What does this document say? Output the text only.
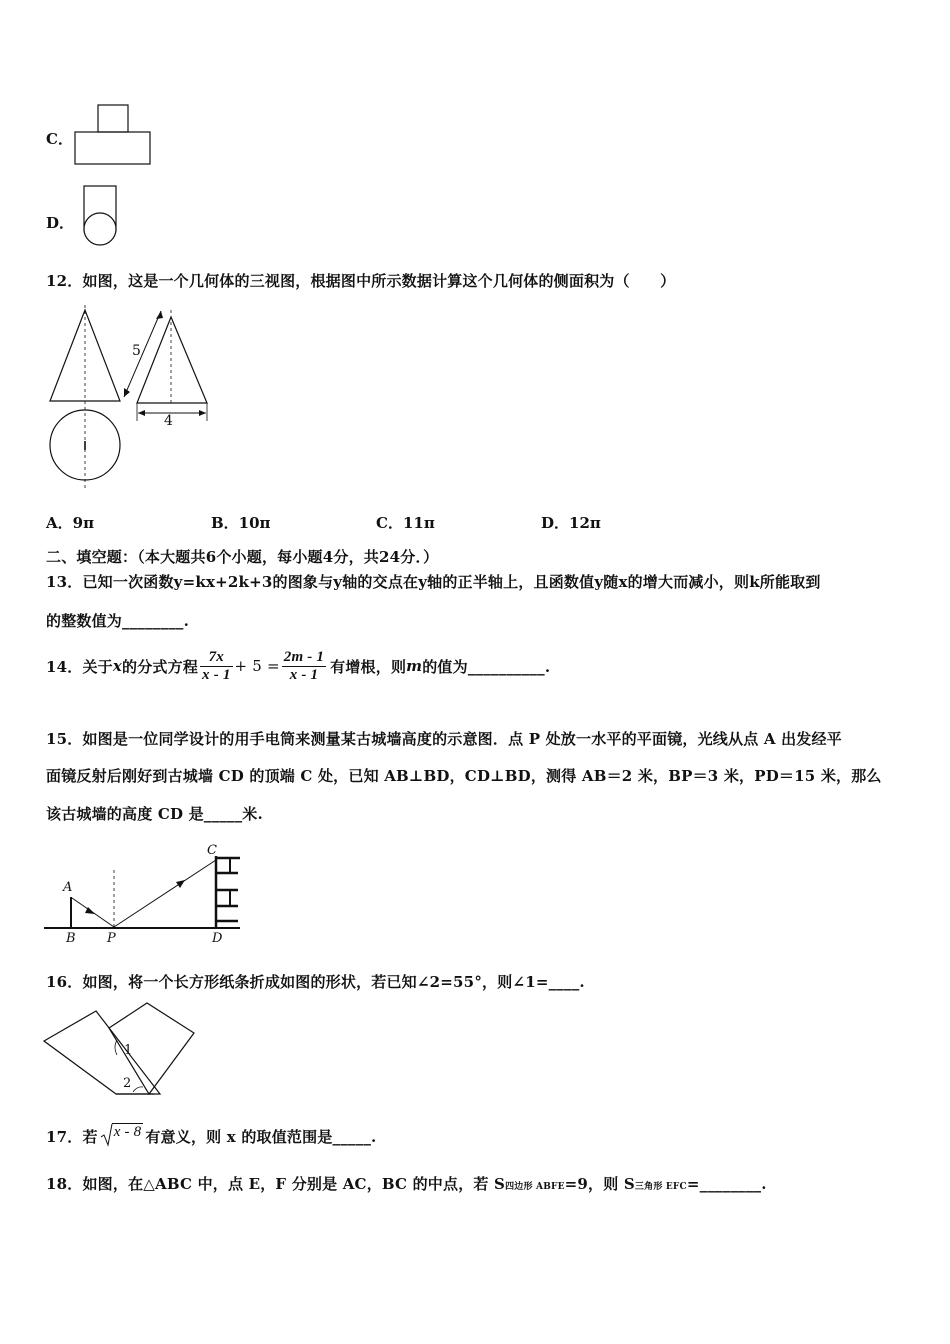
C．
D．
12．如图，这是一个几何体的三视图，根据图中所示数据计算这个几何体的侧面积为（　　）
5
4
A．9π	B．10π	C．11π	D．12π
二、填空题：（本大题共6个小题，每小题4分，共24分．）
13．已知一次函数y=kx+2k+3的图象与y轴的交点在y轴的正半轴上，且函数值y随x的增大而减小，则k所能取到
的整数值为________.
14．关于 x 的分式方程 $\frac{7x}{x - 1} + 5 = \frac{2m - 1}{x - 1}$ 有增根，则 m 的值为__________.
15．如图是一位同学设计的用手电筒来测量某古城墙高度的示意图．点 P 处放一水平的平面镜，光线从点 A 出发经平
面镜反射后刚好到古城墙 CD 的顶端 C 处，已知 AB⊥BD，CD⊥BD，测得 AB＝2 米，BP＝3 米，PD＝15 米，那么
该古城墙的高度 CD 是_____米.
A
B P
C
D
16．如图，将一个长方形纸条折成如图的形状，若已知∠2=55°，则∠1=____.
1
2
17．若	x - 8 有意义，则 x 的取值范围是_____.
18．如图，在△ABC 中，点 E，F 分别是 AC，BC 的中点，若 S四边形 ABFE=9，则 S三角形 EFC=________.
